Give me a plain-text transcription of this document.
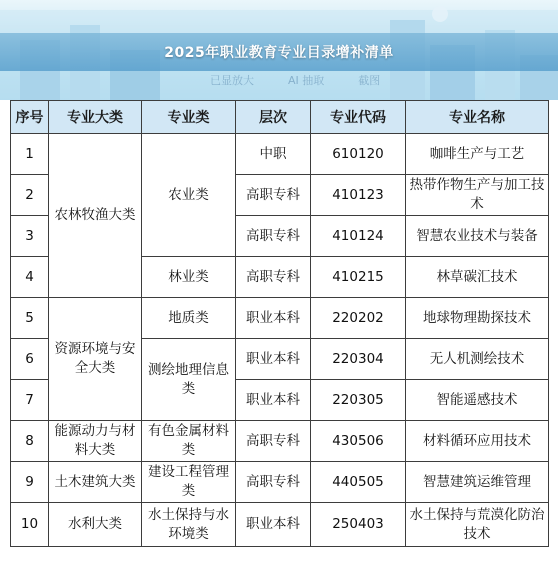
2025年职业教育专业目录增补清单
已显放大	AI 抽取	截图
序号	专业大类	专业类	层次	专业代码	专业名称
1	农林牧渔大类	农业类	中职	610120	咖啡生产与工艺
2			高职专科	410123	热带作物生产与加工技术
3			高职专科	410124	智慧农业技术与装备
4		林业类	高职专科	410215	林草碳汇技术
5	资源环境与安全大类	地质类	职业本科	220202	地球物理勘探技术
6		测绘地理信息类	职业本科	220304	无人机测绘技术
7			职业本科	220305	智能遥感技术
8	能源动力与材料大类	有色金属材料类	高职专科	430506	材料循环应用技术
9	土木建筑大类	建设工程管理类	高职专科	440505	智慧建筑运维管理
10	水利大类	水土保持与水环境类	职业本科	250403	水土保持与荒漠化防治技术
